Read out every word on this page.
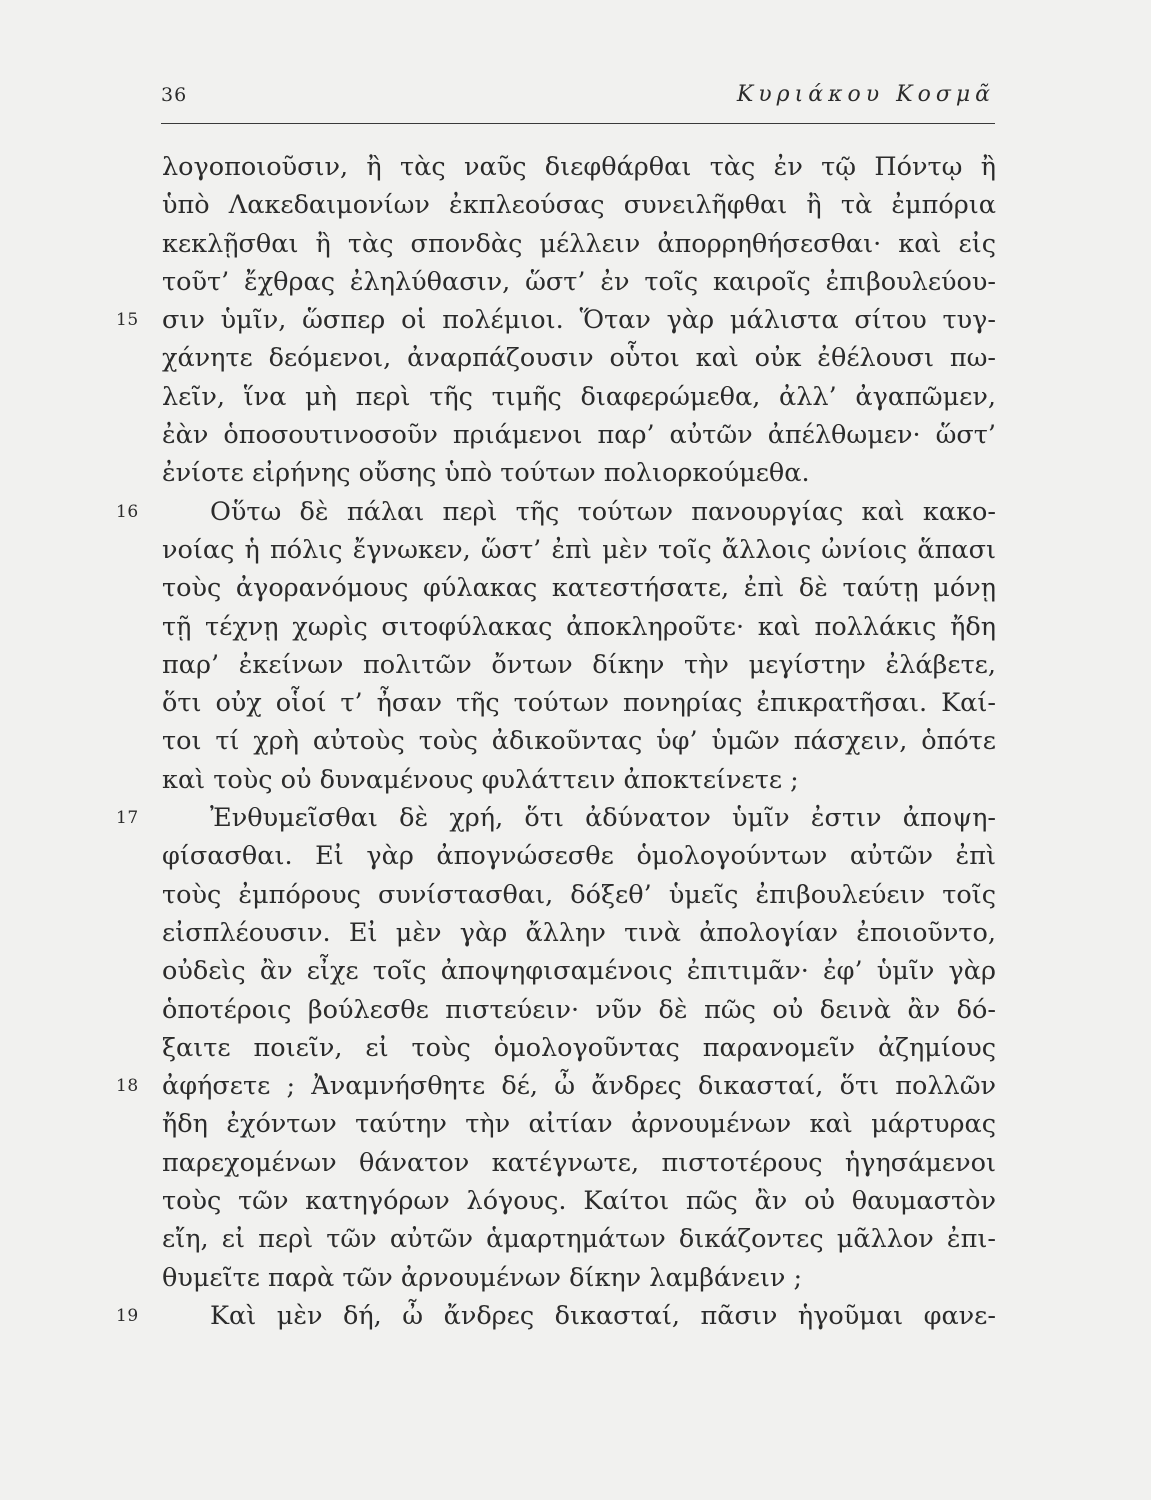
36	Κυριάκου Κοσμᾶ
λογοποιοῦσιν, ἢ τὰς ναῦς διεφθάρθαι τὰς ἐν τῷ Πόντῳ ἢ
ὑπὸ Λακεδαιμονίων ἐκπλεούσας συνειλῆφθαι ἢ τὰ ἐμπόρια
κεκλῇσθαι ἢ τὰς σπονδὰς μέλλειν ἀπορρηθήσεσθαι· καὶ εἰς
τοῦτ’ ἔχθρας ἐληλύθασιν, ὥστ’ ἐν τοῖς καιροῖς ἐπιβουλεύου-
15 σιν ὑμῖν, ὥσπερ οἱ πολέμιοι. Ὅταν γὰρ μάλιστα σίτου τυγ-
χάνητε δεόμενοι, ἀναρπάζουσιν οὗτοι καὶ οὐκ ἐθέλουσι πω-
λεῖν, ἵνα μὴ περὶ τῆς τιμῆς διαφερώμεθα, ἀλλ’ ἀγαπῶμεν,
ἐὰν ὁποσουτινοσοῦν πριάμενοι παρ’ αὐτῶν ἀπέλθωμεν· ὥστ’
ἐνίοτε εἰρήνης οὔσης ὑπὸ τούτων πολιορκούμεθα.
16	Οὕτω δὲ πάλαι περὶ τῆς τούτων πανουργίας καὶ κακο-
νοίας ἡ πόλις ἔγνωκεν, ὥστ’ ἐπὶ μὲν τοῖς ἄλλοις ὠνίοις ἅπασι
τοὺς ἀγορανόμους φύλακας κατεστήσατε, ἐπὶ δὲ ταύτῃ μόνῃ
τῇ τέχνῃ χωρὶς σιτοφύλακας ἀποκληροῦτε· καὶ πολλάκις ἤδη
παρ’ ἐκείνων πολιτῶν ὄντων δίκην τὴν μεγίστην ἐλάβετε,
ὅτι οὐχ οἷοί τ’ ἦσαν τῆς τούτων πονηρίας ἐπικρατῆσαι. Καί-
τοι τί χρὴ αὐτοὺς τοὺς ἀδικοῦντας ὑφ’ ὑμῶν πάσχειν, ὁπότε
καὶ τοὺς οὐ δυναμένους φυλάττειν ἀποκτείνετε ;
17	Ἐνθυμεῖσθαι δὲ χρή, ὅτι ἀδύνατον ὑμῖν ἐστιν ἀποψη-
φίσασθαι. Εἰ γὰρ ἀπογνώσεσθε ὁμολογούντων αὐτῶν ἐπὶ
τοὺς ἐμπόρους συνίστασθαι, δόξεθ’ ὑμεῖς ἐπιβουλεύειν τοῖς
εἰσπλέουσιν. Εἰ μὲν γὰρ ἄλλην τινὰ ἀπολογίαν ἐποιοῦντο,
οὐδεὶς ἂν εἶχε τοῖς ἀποψηφισαμένοις ἐπιτιμᾶν· ἐφ’ ὑμῖν γὰρ
ὁποτέροις βούλεσθε πιστεύειν· νῦν δὲ πῶς οὐ δεινὰ ἂν δό-
ξαιτε ποιεῖν, εἰ τοὺς ὁμολογοῦντας παρανομεῖν ἀζημίους
18 ἀφήσετε ; Ἀναμνήσθητε δέ, ὦ ἄνδρες δικασταί, ὅτι πολλῶν
ἤδη ἐχόντων ταύτην τὴν αἰτίαν ἀρνουμένων καὶ μάρτυρας
παρεχομένων θάνατον κατέγνωτε, πιστοτέρους ἡγησάμενοι
τοὺς τῶν κατηγόρων λόγους. Καίτοι πῶς ἂν οὐ θαυμαστὸν
εἴη, εἰ περὶ τῶν αὐτῶν ἁμαρτημάτων δικάζοντες μᾶλλον ἐπι-
θυμεῖτε παρὰ τῶν ἀρνουμένων δίκην λαμβάνειν ;
19	Καὶ μὲν δή, ὦ ἄνδρες δικασταί, πᾶσιν ἡγοῦμαι φανε-
